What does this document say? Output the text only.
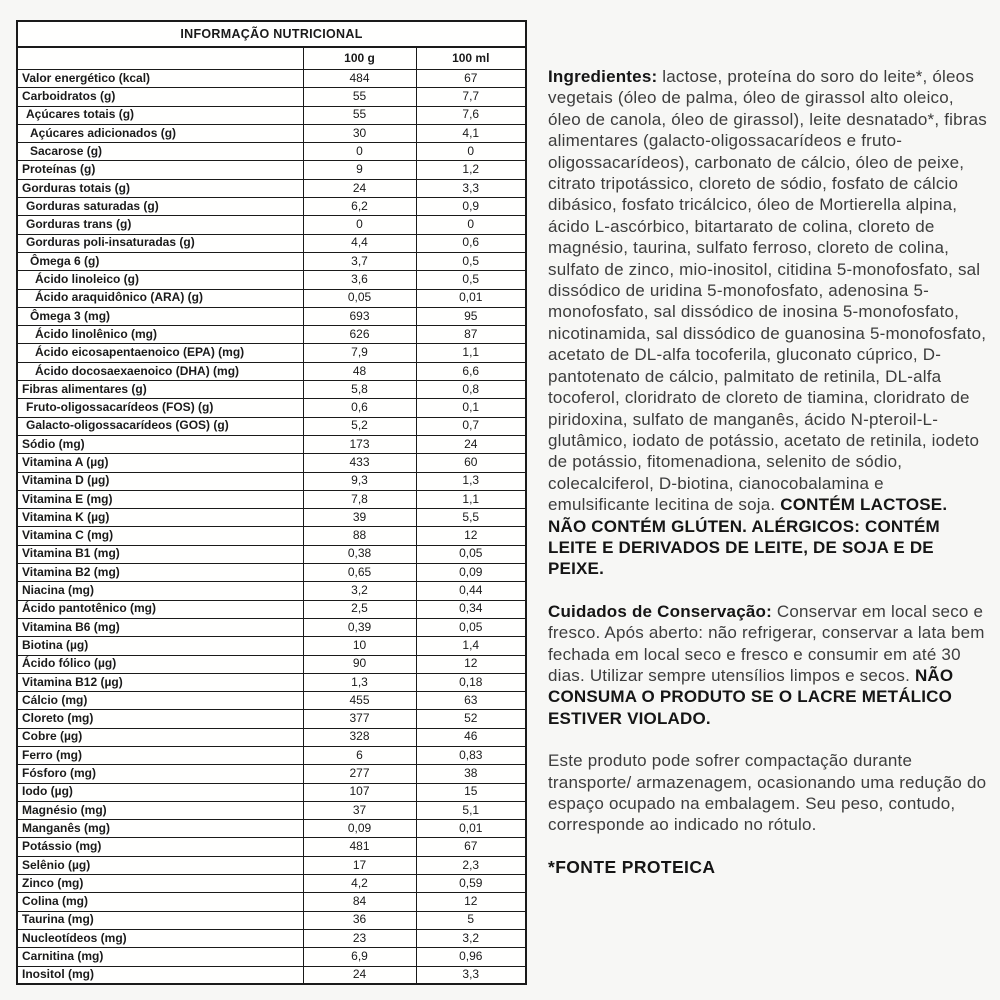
INFORMAÇÃO NUTRICIONAL		
	100 g	100 ml
Valor energético (kcal)	484	67
Carboidratos (g)	55	7,7
Açúcares totais (g)	55	7,6
Açúcares adicionados (g)	30	4,1
Sacarose (g)	0	0
Proteínas (g)	9	1,2
Gorduras totais (g)	24	3,3
Gorduras saturadas (g)	6,2	0,9
Gorduras trans (g)	0	0
Gorduras poli-insaturadas (g)	4,4	0,6
Ômega 6 (g)	3,7	0,5
Ácido linoleico (g)	3,6	0,5
Ácido araquidônico (ARA) (g)	0,05	0,01
Ômega 3 (mg)	693	95
Ácido linolênico (mg)	626	87
Ácido eicosapentaenoico (EPA) (mg)	7,9	1,1
Ácido docosaexaenoico (DHA) (mg)	48	6,6
Fibras alimentares (g)	5,8	0,8
Fruto-oligossacarídeos (FOS) (g)	0,6	0,1
Galacto-oligossacarídeos (GOS) (g)	5,2	0,7
Sódio (mg)	173	24
Vitamina A (µg)	433	60
Vitamina D (µg)	9,3	1,3
Vitamina E (mg)	7,8	1,1
Vitamina K (µg)	39	5,5
Vitamina C (mg)	88	12
Vitamina B1 (mg)	0,38	0,05
Vitamina B2 (mg)	0,65	0,09
Niacina (mg)	3,2	0,44
Ácido pantotênico (mg)	2,5	0,34
Vitamina B6 (mg)	0,39	0,05
Biotina (µg)	10	1,4
Ácido fólico (µg)	90	12
Vitamina B12 (µg)	1,3	0,18
Cálcio (mg)	455	63
Cloreto (mg)	377	52
Cobre (µg)	328	46
Ferro (mg)	6	0,83
Fósforo (mg)	277	38
Iodo (µg)	107	15
Magnésio (mg)	37	5,1
Manganês (mg)	0,09	0,01
Potássio (mg)	481	67
Selênio (µg)	17	2,3
Zinco (mg)	4,2	0,59
Colina (mg)	84	12
Taurina (mg)	36	5
Nucleotídeos (mg)	23	3,2
Carnitina (mg)	6,9	0,96
Inositol (mg)	24	3,3

Ingredientes: lactose, proteína do soro do leite*, óleos vegetais (óleo de palma, óleo de girassol alto oleico, óleo de canola, óleo de girassol), leite desnatado*, fibras alimentares (galacto-oligossacarídeos e fruto-oligossacarídeos), carbonato de cálcio, óleo de peixe, citrato tripotássico, cloreto de sódio, fosfato de cálcio dibásico, fosfato tricálcico, óleo de Mortierella alpina, ácido L-ascórbico, bitartarato de colina, cloreto de magnésio, taurina, sulfato ferroso, cloreto de colina, sulfato de zinco, mio-inositol, citidina 5-monofosfato, sal dissódico de uridina 5-monofosfato, adenosina 5-monofosfato, sal dissódico de inosina 5-monofosfato, nicotinamida, sal dissódico de guanosina 5-monofosfato, acetato de DL-alfa tocoferila, gluconato cúprico, D-pantotenato de cálcio, palmitato de retinila, DL-alfa tocoferol, cloridrato de cloreto de tiamina, cloridrato de piridoxina, sulfato de manganês, ácido N-pteroil-L-glutâmico, iodato de potássio, acetato de retinila, iodeto de potássio, fitomenadiona, selenito de sódio, colecalciferol, D-biotina, cianocobalamina e emulsificante lecitina de soja. CONTÉM LACTOSE. NÃO CONTÉM GLÚTEN. ALÉRGICOS: CONTÉM LEITE E DERIVADOS DE LEITE, DE SOJA E DE PEIXE.

Cuidados de Conservação: Conservar em local seco e fresco. Após aberto: não refrigerar, conservar a lata bem fechada em local seco e fresco e consumir em até 30 dias. Utilizar sempre utensílios limpos e secos. NÃO CONSUMA O PRODUTO SE O LACRE METÁLICO ESTIVER VIOLADO.

Este produto pode sofrer compactação durante transporte/ armazenagem, ocasionando uma redução do espaço ocupado na embalagem. Seu peso, contudo, corresponde ao indicado no rótulo.

*FONTE PROTEICA
